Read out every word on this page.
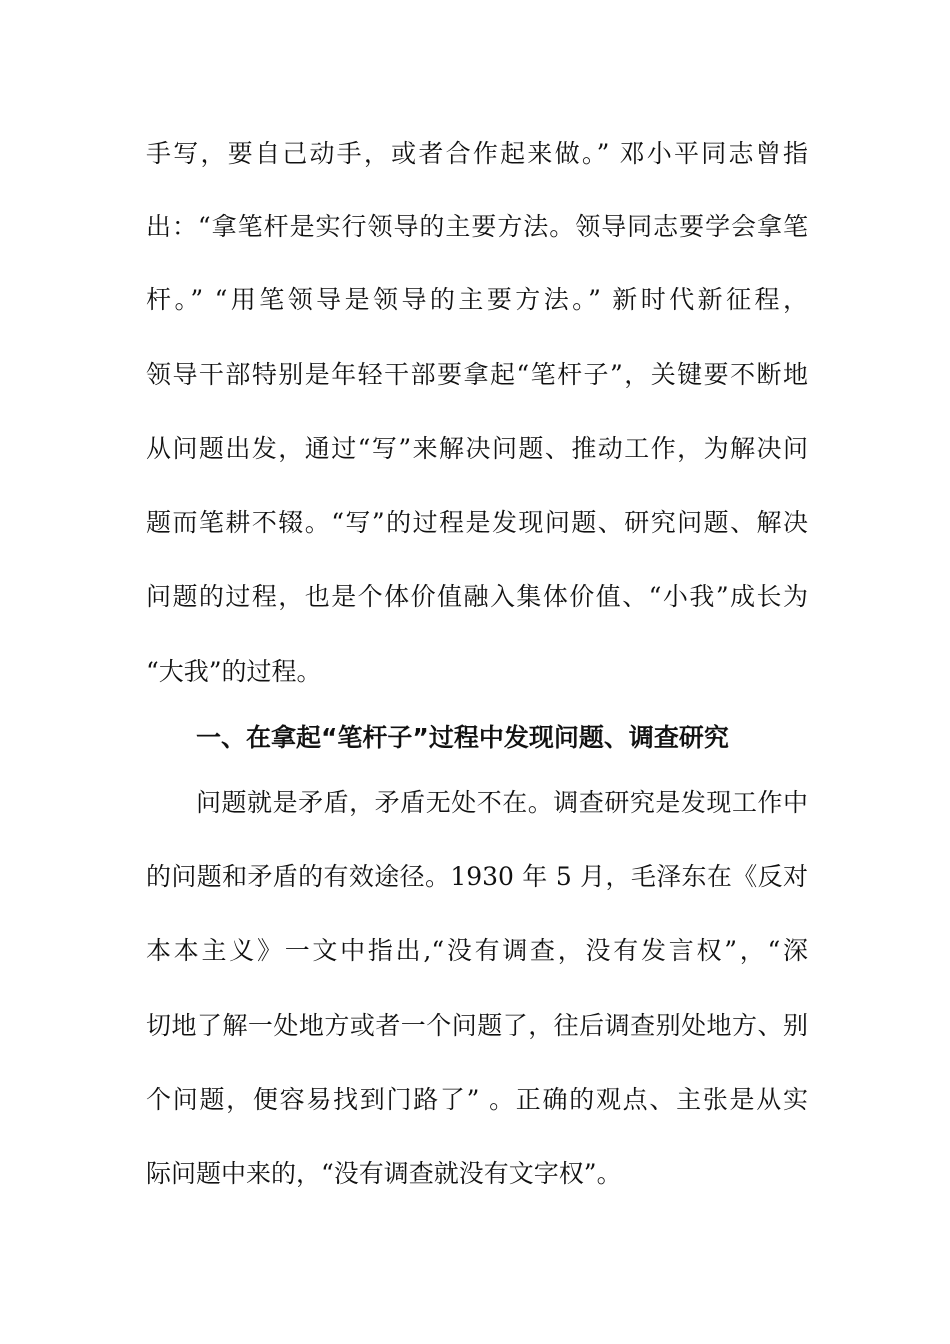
手写，要自己动手，或者合作起来做。” 邓小平同志曾指
出：“拿笔杆是实行领导的主要方法。领导同志要学会拿笔
杆。” “用笔领导是领导的主要方法。” 新时代新征程，
领导干部特别是年轻干部要拿起“笔杆子”，关键要不断地
从问题出发，通过“写”来解决问题、推动工作，为解决问
题而笔耕不辍。“写”的过程是发现问题、研究问题、解决
问题的过程，也是个体价值融入集体价值、“小我”成长为
“大我”的过程。
一、在拿起“笔杆子”过程中发现问题、调查研究
问题就是矛盾，矛盾无处不在。调查研究是发现工作中
的问题和矛盾的有效途径。1930 年 5 月，毛泽东在《反对
本本主义》一文中指出,“没有调查，没有发言权”，“深
切地了解一处地方或者一个问题了，往后调查别处地方、别
个问题，便容易找到门路了” 。正确的观点、主张是从实
际问题中来的，“没有调查就没有文字权”。
